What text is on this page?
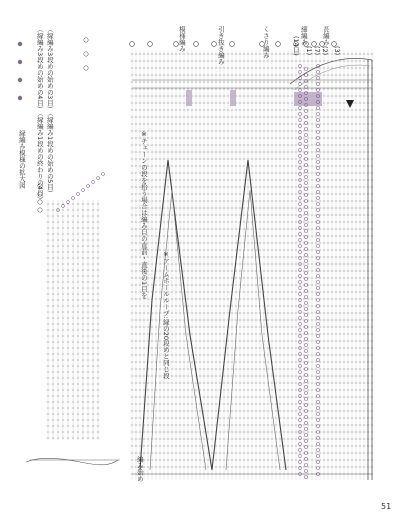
縁編み模様の拡大図
（縁編み3段めの始めの4目） （縁編み3段めの始めの3目）
（縁編み1段めの終わりの4目） （縁編み1段めの始めの5目）
※アームホールループ:縁の20段めと同じ段
※チェーンの段を拾う場合は編み目の直前・直後の1目を
模様編み	引き抜き編み	くさり編み	細編み 長編み
(14目) (1) (7) (2) (3)
編み始め
51
